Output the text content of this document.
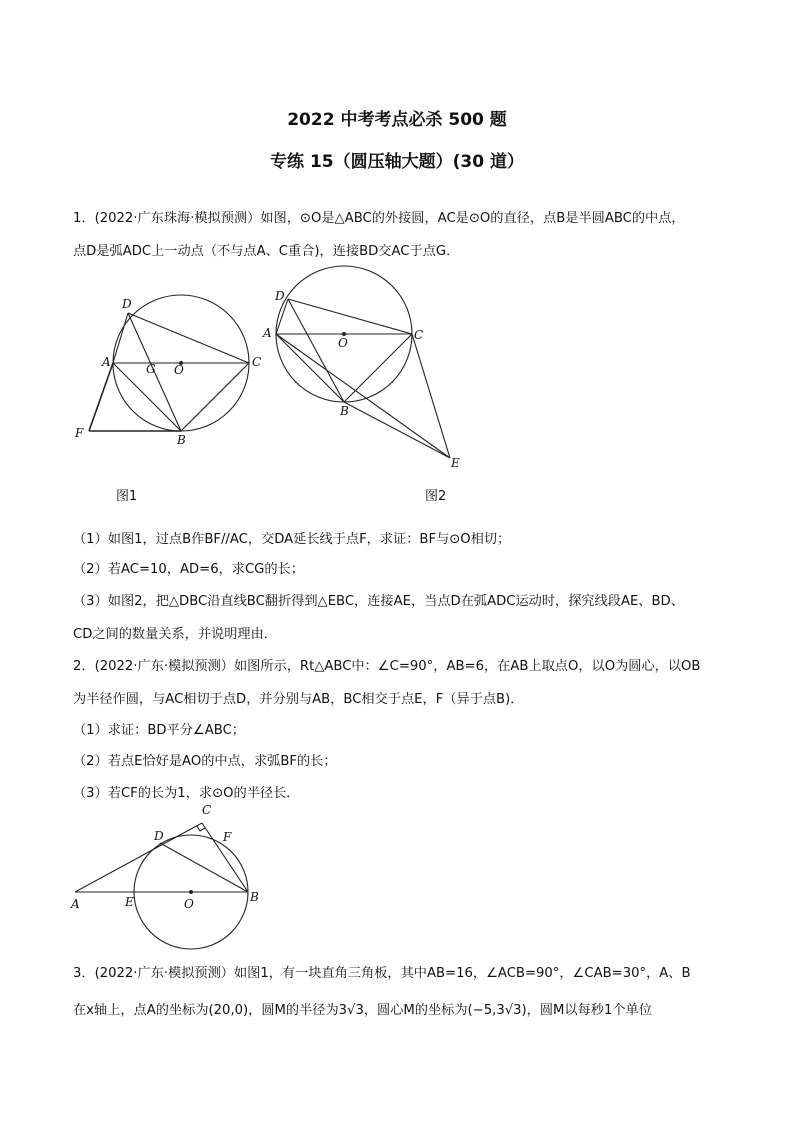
2022 中考考点必杀 500 题
专练 15（圆压轴大题）(30 道）
1．(2022·广东珠海·模拟预测）如图，⊙O是△ABC的外接圆，AC是⊙O的直径，点B是半圆ABC的中点，
点D是弧ADC上一动点（不与点A、C重合)，连接BD交AC于点G．
D
A	G O
C
F	B
图1
D
A
O
C
B
E
图2
（1）如图1，过点B作BF//AC，交DA延长线于点F，求证：BF与⊙O相切；
（2）若AC=10，AD=6，求CG的长；
（3）如图2，把△DBC沿直线BC翻折得到△EBC，连接AE，当点D在弧ADC运动时，探究线段AE、BD、
CD之间的数量关系，并说明理由．
2．(2022·广东·模拟预测）如图所示，Rt△ABC中：∠C=90°，AB=6，在AB上取点O，以O为圆心，以OB
为半径作圆，与AC相切于点D，并分别与AB，BC相交于点E，F（异于点B)．
（1）求证：BD平分∠ABC；
（2）若点E恰好是AO的中点，求弧BF的长；
（3）若CF的长为1，求⊙O的半径长．
C
D	F
A	E	O	B
3．(2022·广东·模拟预测）如图1，有一块直角三角板，其中AB=16，∠ACB=90°，∠CAB=30°，A、B
在x轴上，点A的坐标为(20,0)，圆M的半径为3√3，圆心M的坐标为(−5,3√3)，圆M以每秒1个单位
